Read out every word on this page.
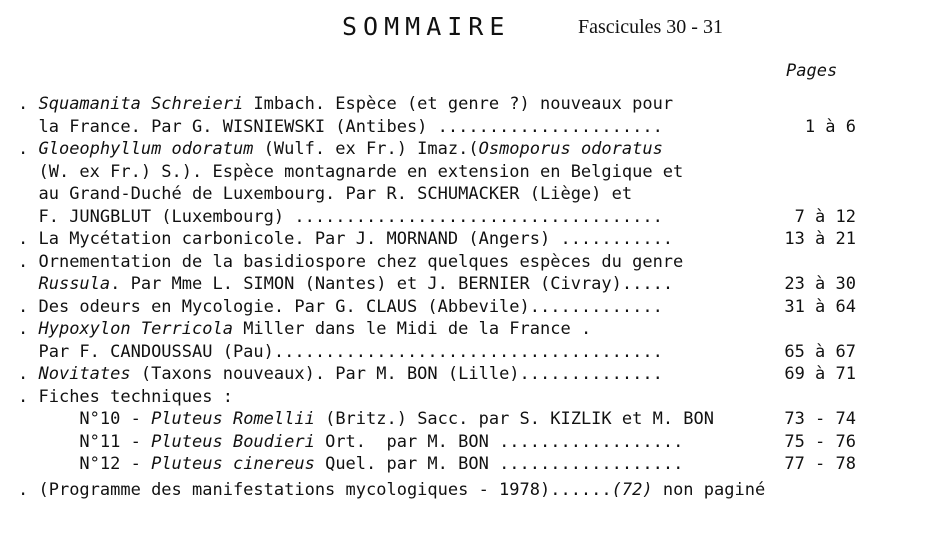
SOMMAIRE	Fascicules 30 - 31
Pages
. Squamanita Schreieri Imbach. Espèce (et genre ?) nouveaux pour
la France. Par G. WISNIEWSKI (Antibes) ......................	1 à 6
. Gloeophyllum odoratum (Wulf. ex Fr.) Imaz.(Osmoporus odoratus
(W. ex Fr.) S.). Espèce montagnarde en extension en Belgique et
au Grand-Duché de Luxembourg. Par R. SCHUMACKER (Liège) et
F. JUNGBLUT (Luxembourg) ....................................	7 à 12
. La Mycétation carbonicole. Par J. MORNAND (Angers) ...........	13 à 21
. Ornementation de la basidiospore chez quelques espèces du genre
Russula. Par Mme L. SIMON (Nantes) et J. BERNIER (Civray).....	23 à 30
. Des odeurs en Mycologie. Par G. CLAUS (Abbevile).............	31 à 64
. Hypoxylon Terricola Miller dans le Midi de la France .
Par F. CANDOUSSAU (Pau)......................................	65 à 67
. Novitates (Taxons nouveaux). Par M. BON (Lille)..............	69 à 71
. Fiches techniques :
N°10 - Pluteus Romellii (Britz.) Sacc. par S. KIZLIK et M. BON	73 - 74
N°11 - Pluteus Boudieri Ort.  par M. BON ..................	75 - 76
N°12 - Pluteus cinereus Quel. par M. BON ..................	77 - 78
. (Programme des manifestations mycologiques - 1978)......(72) non paginé
